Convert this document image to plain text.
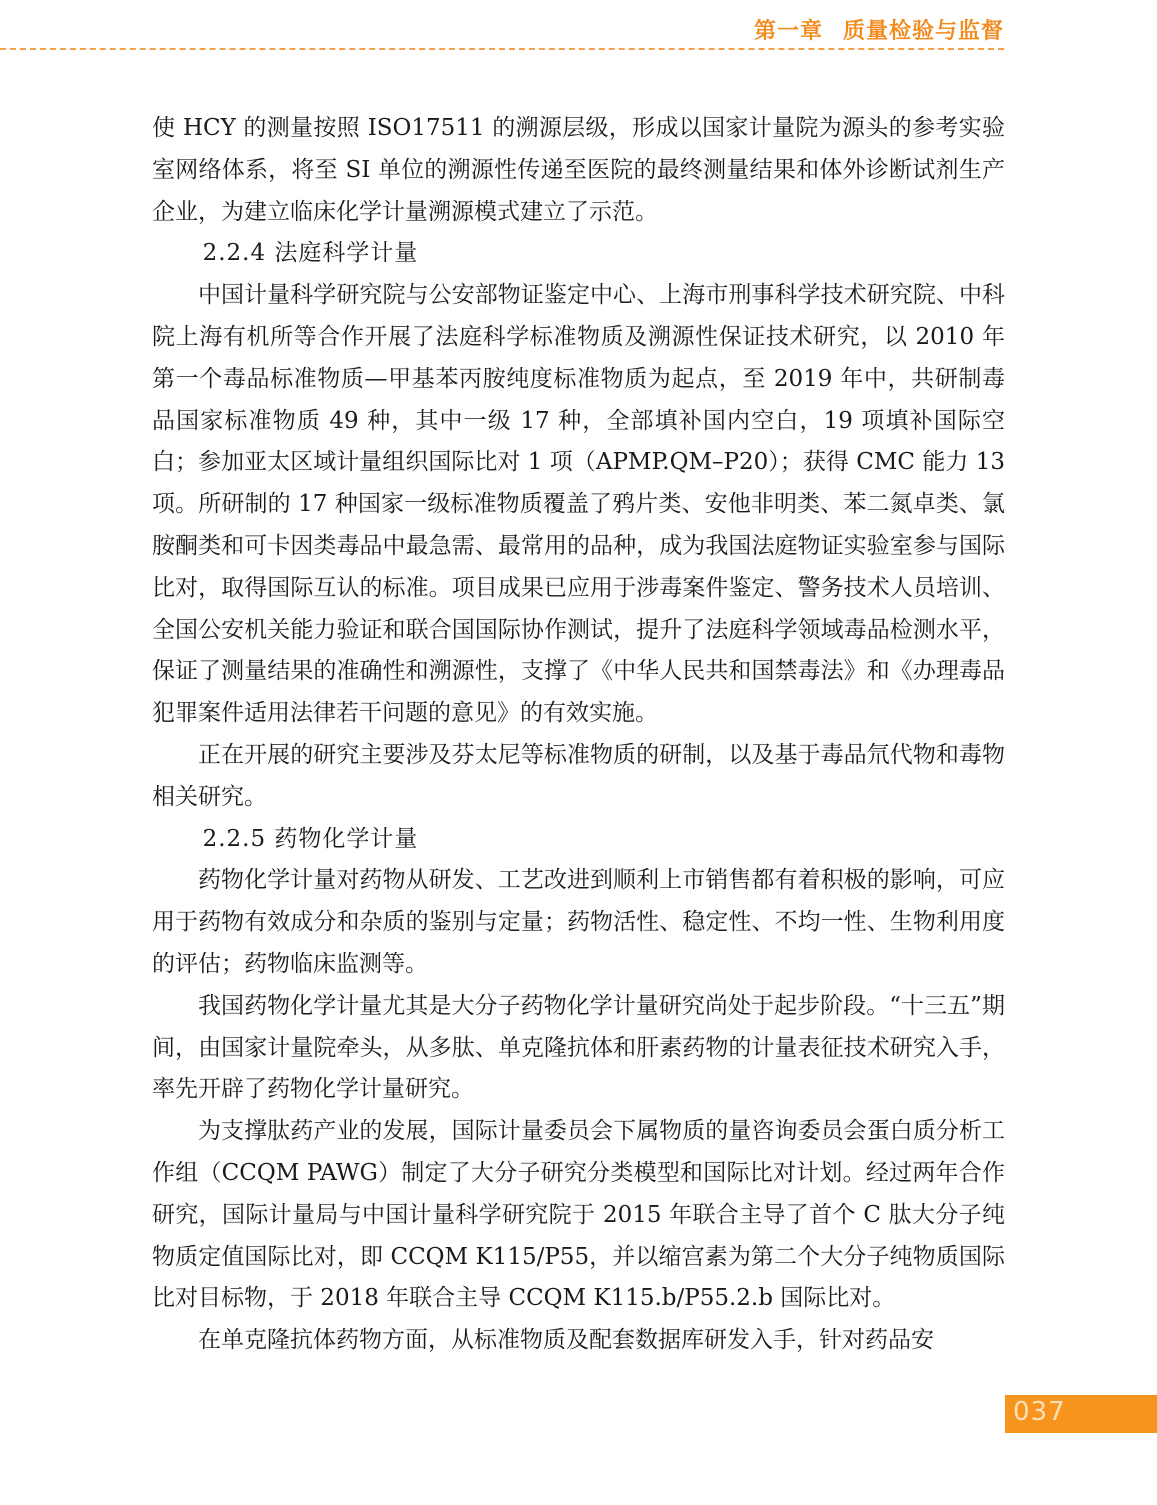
第一章 质量检验与监督

使 HCY 的测量按照 ISO17511 的溯源层级，形成以国家计量院为源头的参考实验室网络体系，将至 SI 单位的溯源性传递至医院的最终测量结果和体外诊断试剂生产企业，为建立临床化学计量溯源模式建立了示范。

2.2.4 法庭科学计量

中国计量科学研究院与公安部物证鉴定中心、上海市刑事科学技术研究院、中科院上海有机所等合作开展了法庭科学标准物质及溯源性保证技术研究，以 2010 年第一个毒品标准物质—甲基苯丙胺纯度标准物质为起点，至 2019 年中，共研制毒品国家标准物质 49 种，其中一级 17 种，全部填补国内空白，19 项填补国际空白；参加亚太区域计量组织国际比对 1 项（APMP.QM–P20）；获得 CMC 能力 13 项。所研制的 17 种国家一级标准物质覆盖了鸦片类、安他非明类、苯二氮卓类、氯胺酮类和可卡因类毒品中最急需、最常用的品种，成为我国法庭物证实验室参与国际比对，取得国际互认的标准。项目成果已应用于涉毒案件鉴定、警务技术人员培训、全国公安机关能力验证和联合国国际协作测试，提升了法庭科学领域毒品检测水平，保证了测量结果的准确性和溯源性，支撑了《中华人民共和国禁毒法》和《办理毒品犯罪案件适用法律若干问题的意见》的有效实施。

正在开展的研究主要涉及芬太尼等标准物质的研制，以及基于毒品氘代物和毒物相关研究。

2.2.5 药物化学计量

药物化学计量对药物从研发、工艺改进到顺利上市销售都有着积极的影响，可应用于药物有效成分和杂质的鉴别与定量；药物活性、稳定性、不均一性、生物利用度的评估；药物临床监测等。

我国药物化学计量尤其是大分子药物化学计量研究尚处于起步阶段。“十三五”期间，由国家计量院牵头，从多肽、单克隆抗体和肝素药物的计量表征技术研究入手，率先开辟了药物化学计量研究。

为支撑肽药产业的发展，国际计量委员会下属物质的量咨询委员会蛋白质分析工作组（CCQM PAWG）制定了大分子研究分类模型和国际比对计划。经过两年合作研究，国际计量局与中国计量科学研究院于 2015 年联合主导了首个 C 肽大分子纯物质定值国际比对，即 CCQM K115/P55，并以缩宫素为第二个大分子纯物质国际比对目标物，于 2018 年联合主导 CCQM K115.b/P55.2.b 国际比对。

在单克隆抗体药物方面，从标准物质及配套数据库研发入手，针对药品安

037
